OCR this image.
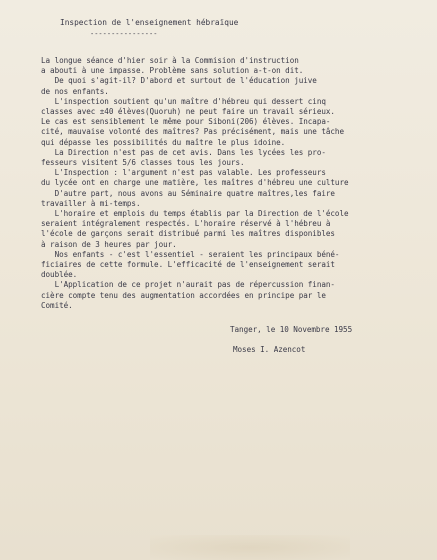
Inspection de l'enseignement hébraïque
----------------
La longue séance d'hier soir à la Commision d'instruction
a abouti à une impasse. Problème sans solution a-t-on dit.
De quoi s'agit-il? D'abord et surtout de l'éducation juive
de nos enfants.
L'inspection soutient qu'un maître d'hébreu qui dessert cinq
classes avec ±40 élèves(Quoruh) ne peut faire un travail sérieux.
Le cas est sensiblement le même pour Siboni(206) élèves. Incapa-
cité, mauvaise volonté des maîtres? Pas précisément, mais une tâche
qui dépasse les possibilités du maître le plus idoine.
La Direction n'est pas de cet avis. Dans les lycées les pro-
fesseurs visitent 5/6 classes tous les jours.
L'Inspection : l'argument n'est pas valable. Les professeurs
du lycée ont en charge une matière, les maîtres d'hébreu une culture
D'autre part, nous avons au Séminaire quatre maîtres,les faire
travailler à mi-temps.
L'horaire et emplois du temps établis par la Direction de l'école
seraient intégralement respectés. L'horaire réservé à l'hébreu à
l'école de garçons serait distribué parmi les maîtres disponibles
à raison de 3 heures par jour.
Nos enfants - c'est l'essentiel - seraient les principaux béné-
ficiaires de cette formule. L'efficacité de l'enseignement serait
doublée.
L'Application de ce projet n'aurait pas de répercussion finan-
cière compte tenu des augmentation accordées en principe par le
Comité.
Tanger, le 10 Novembre 1955
Moses I. Azencot
